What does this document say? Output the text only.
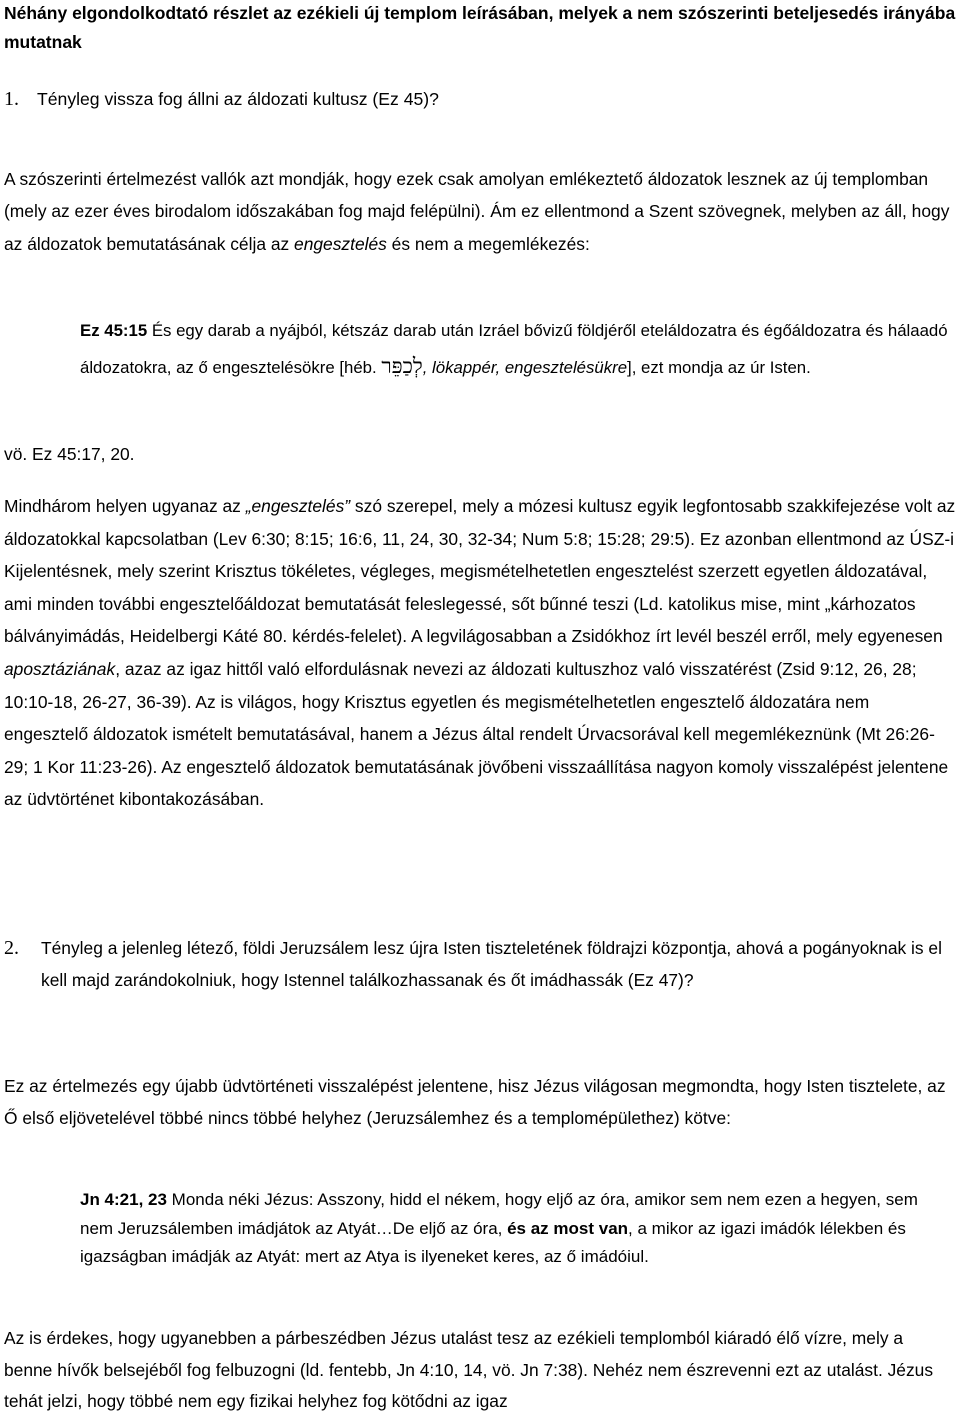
Néhány elgondolkodtató részlet az ezékieli új templom leírásában, melyek a nem szószerinti beteljesedés irányába mutatnak
1. Tényleg vissza fog állni az áldozati kultusz (Ez 45)?
A szószerinti értelmezést vallók azt mondják, hogy ezek csak amolyan emlékeztető áldozatok lesznek az új templomban (mely az ezer éves birodalom időszakában fog majd felépülni). Ám ez ellentmond a Szent szövegnek, melyben az áll, hogy az áldozatok bemutatásának célja az engesztelés és nem a megemlékezés:
Ez 45:15 És egy darab a nyájból, kétszáz darab után Izráel bővizű földjéről eteláldozatra és égőáldozatra és hálaadó áldozatokra, az ő engesztelésökre [héb. לְכַפֵּר, lökappér, engesztelésükre], ezt mondja az úr Isten.
vö. Ez 45:17, 20.
Mindhárom helyen ugyanaz az „engesztelés” szó szerepel, mely a mózesi kultusz egyik legfontosabb szakkifejezése volt az áldozatokkal kapcsolatban (Lev 6:30; 8:15; 16:6, 11, 24, 30, 32-34; Num 5:8; 15:28; 29:5). Ez azonban ellentmond az ÚSZ-i Kijelentésnek, mely szerint Krisztus tökéletes, végleges, megismételhetetlen engesztelést szerzett egyetlen áldozatával, ami minden további engesztelőáldozat bemutatását feleslegessé, sőt bűnné teszi (Ld. katolikus mise, mint „kárhozatos bálványimádás, Heidelbergi Káté 80. kérdés-felelet). A legvilágosabban a Zsidókhoz írt levél beszél erről, mely egyenesen aposztáziának, azaz az igaz hittől való elfordulásnak nevezi az áldozati kultuszhoz való visszatérést (Zsid 9:12, 26, 28; 10:10-18, 26-27, 36-39). Az is világos, hogy Krisztus egyetlen és megismételhetetlen engesztelő áldozatára nem engesztelő áldozatok ismételt bemutatásával, hanem a Jézus által rendelt Úrvacsorával kell megemlékeznünk (Mt 26:26-29; 1 Kor 11:23-26). Az engesztelő áldozatok bemutatásának jövőbeni visszaállítása nagyon komoly visszalépést jelentene az üdvtörténet kibontakozásában.
2. Tényleg a jelenleg létező, földi Jeruzsálem lesz újra Isten tiszteletének földrajzi központja, ahová a pogányoknak is el kell majd zarándokolniuk, hogy Istennel találkozhassanak és őt imádhassák (Ez 47)?
Ez az értelmezés egy újabb üdvtörténeti visszalépést jelentene, hisz Jézus világosan megmondta, hogy Isten tisztelete, az Ő első eljövetelével többé nincs többé helyhez (Jeruzsálemhez és a templomépülethez) kötve:
Jn 4:21, 23 Monda néki Jézus: Asszony, hidd el nékem, hogy eljő az óra, amikor sem nem ezen a hegyen, sem nem Jeruzsálemben imádjátok az Atyát…De eljő az óra, és az most van, a mikor az igazi imádók lélekben és igazságban imádják az Atyát: mert az Atya is ilyeneket keres, az ő imádóiul.
Az is érdekes, hogy ugyanebben a párbeszédben Jézus utalást tesz az ezékieli templomból kiáradó élő vízre, mely a benne hívők belsejéből fog felbuzogni (ld. fentebb, Jn 4:10, 14, vö. Jn 7:38). Nehéz nem észrevenni ezt az utalást. Jézus tehát jelzi, hogy többé nem egy fizikai helyhez fog kötődni az igaz
